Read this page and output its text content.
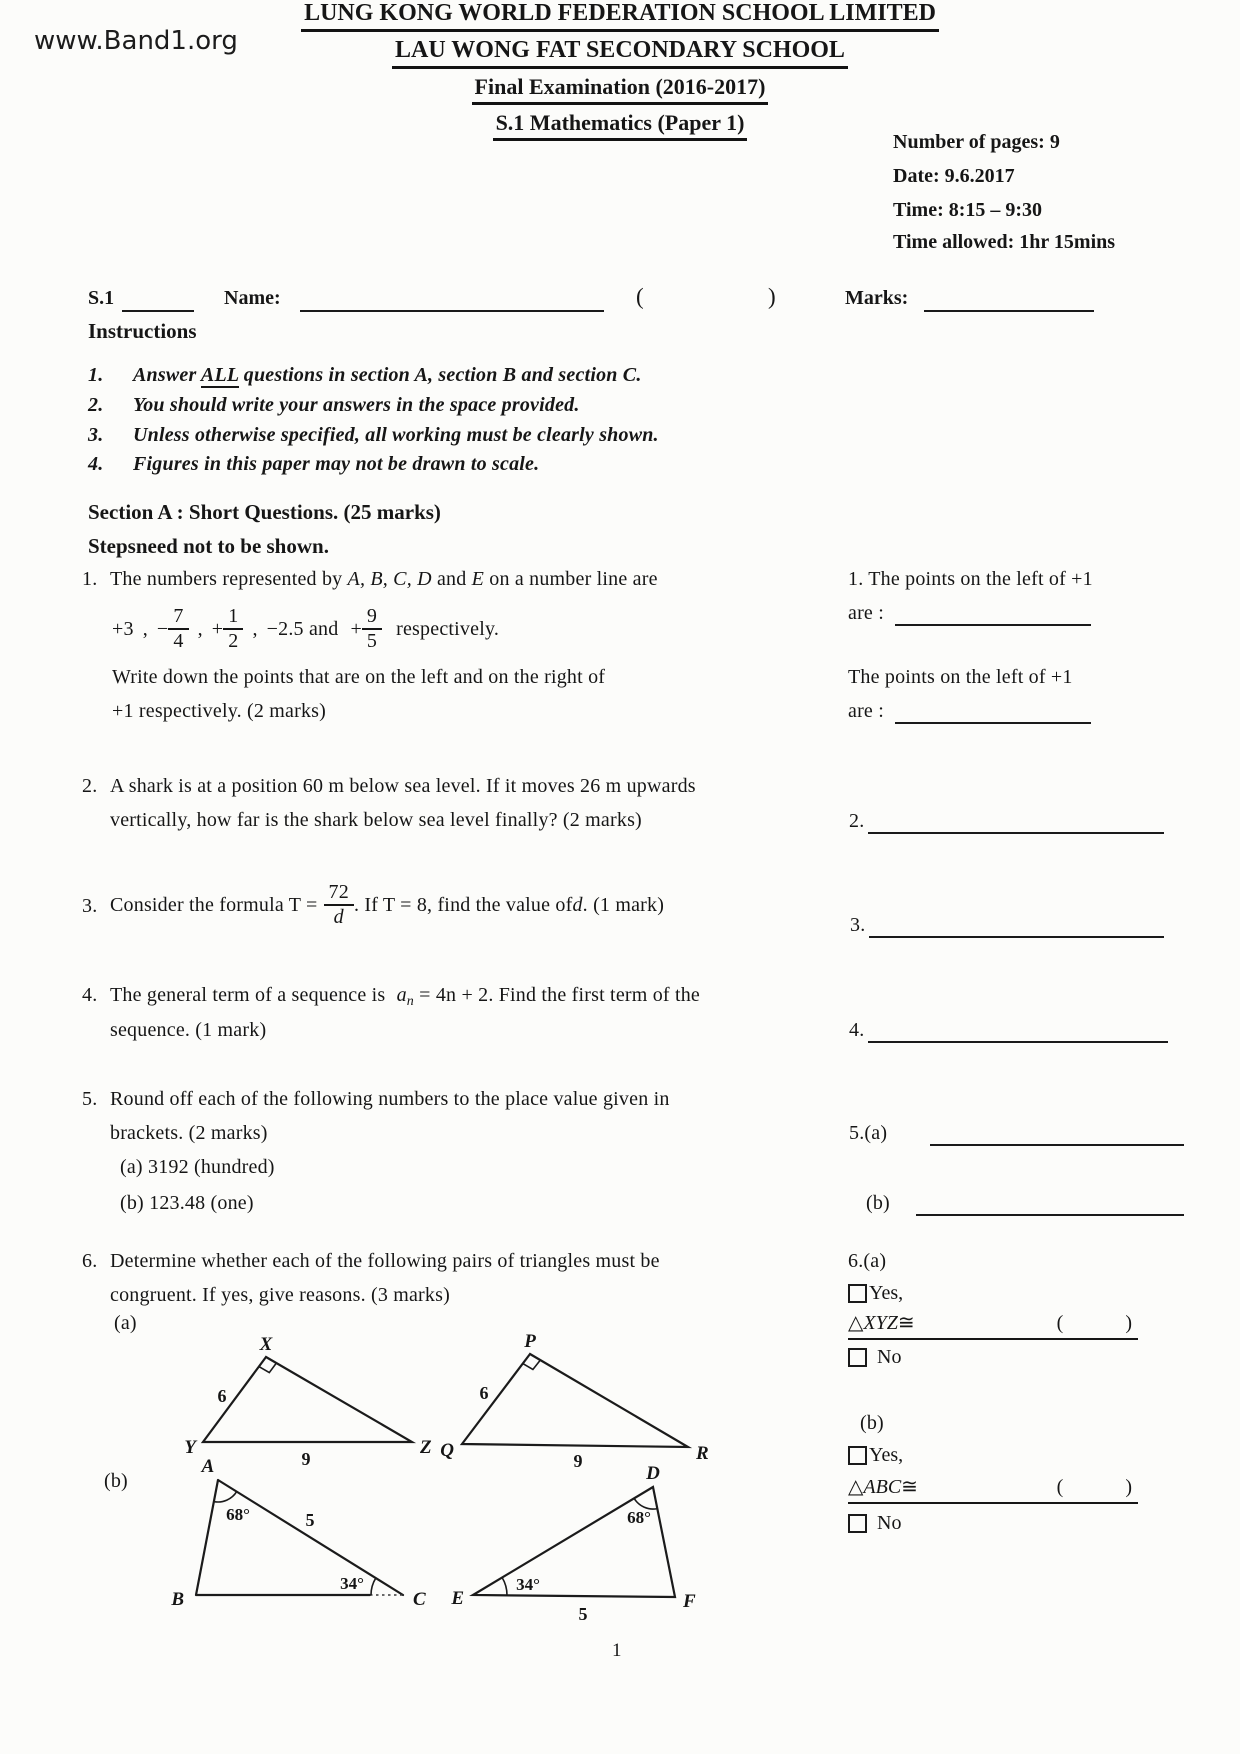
www.Band1.org
LUNG KONG WORLD FEDERATION SCHOOL LIMITED
LAU WONG FAT SECONDARY SCHOOL
Final Examination (2016-2017)
S.1 Mathematics (Paper 1)
Number of pages: 9
Date: 9.6.2017
Time: 8:15 – 9:30
Time allowed: 1hr 15mins
S.1	Name:	(	)	Marks:
Instructions
1. Answer ALL questions in section A, section B and section C.
2. You should write your answers in the space provided.
3. Unless otherwise specified, all working must be clearly shown.
4. Figures in this paper may not be drawn to scale.
Section A : Short Questions. (25 marks)
Stepsneed not to be shown.
1. The numbers represented by A, B, C, D and E on a number line are
+3 , − $\frac{7}{4}$ , + $\frac{1}{2}$ , −2.5 and + $\frac{9}{5}$ respectively.
Write down the points that are on the left and on the right of
+1 respectively. (2 marks)
1. The points on the left of +1
are :
The points on the left of +1
are :
2. A shark is at a position 60 m below sea level. If it moves 26 m upwards
vertically, how far is the shark below sea level finally? (2 marks)	2.
3. Consider the formula $T = \frac{72}{d}$ . If T = 8, find the value of d . (1 mark)
3.
4. The general term of a sequence is $a_n = 4n + 2$. Find the first term of the
sequence. (1 mark)	4.
5. Round off each of the following numbers to the place value given in
brackets. (2 marks)
(a) 3192 (hundred)
(b) 123.48 (one)
5.(a)
(b)
6. Determine whether each of the following pairs of triangles must be
congruent. If yes, give reasons. (3 marks)
(a)
(b)
6.(a)
Yes,
△ XYZ ≅	(	)
No
(b)
Yes,
△ ABC ≅	(	)
No
X
Y	Z
6
9
P
Q	R
6
9
A
B	C
68°
34°
5
D
E	F
68°
34°
5
1
